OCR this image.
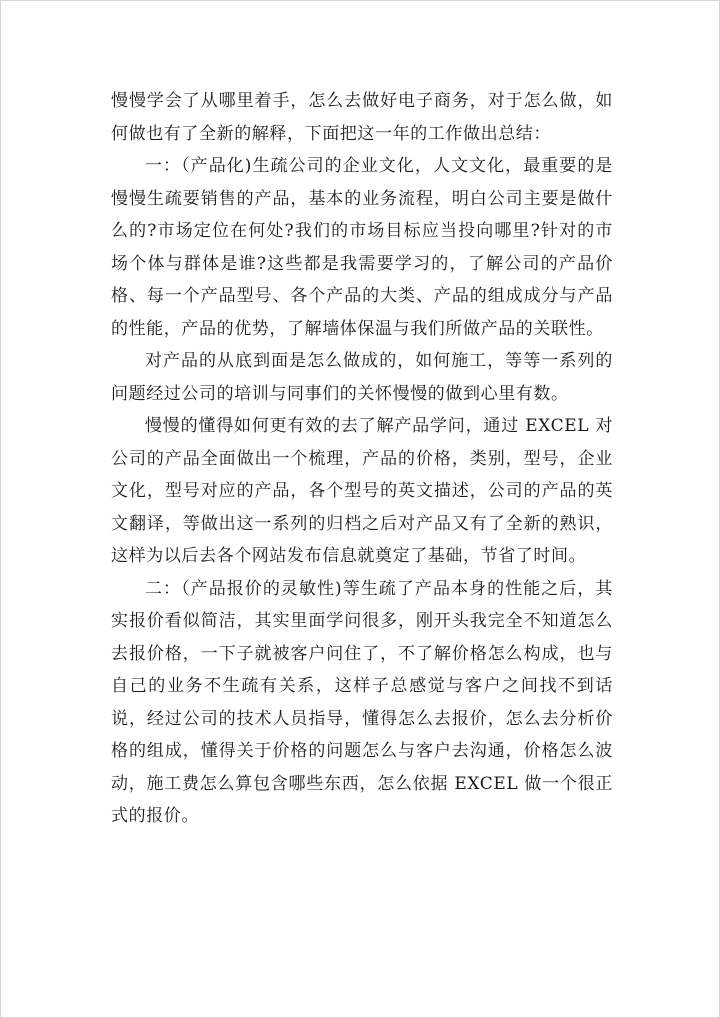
慢慢学会了从哪里着手，怎么去做好电子商务，对于怎么做，如何做也有了全新的解释，下面把这一年的工作做出总结：

一：（产品化)生疏公司的企业文化，人文文化，最重要的是慢慢生疏要销售的产品，基本的业务流程，明白公司主要是做什么的?市场定位在何处?我们的市场目标应当投向哪里?针对的市场个体与群体是谁?这些都是我需要学习的，了解公司的产品价格、每一个产品型号、各个产品的大类、产品的组成成分与产品的性能，产品的优势，了解墙体保温与我们所做产品的关联性。

对产品的从底到面是怎么做成的，如何施工，等等一系列的问题经过公司的培训与同事们的关怀慢慢的做到心里有数。

慢慢的懂得如何更有效的去了解产品学问，通过 EXCEL 对公司的产品全面做出一个梳理，产品的价格，类别，型号，企业文化，型号对应的产品，各个型号的英文描述，公司的产品的英文翻译，等做出这一系列的归档之后对产品又有了全新的熟识，这样为以后去各个网站发布信息就奠定了基础，节省了时间。

二：（产品报价的灵敏性)等生疏了产品本身的性能之后，其实报价看似简洁，其实里面学问很多，刚开头我完全不知道怎么去报价格，一下子就被客户问住了，不了解价格怎么构成，也与自己的业务不生疏有关系，这样子总感觉与客户之间找不到话说，经过公司的技术人员指导，懂得怎么去报价，怎么去分析价格的组成，懂得关于价格的问题怎么与客户去沟通，价格怎么波动，施工费怎么算包含哪些东西，怎么依据 EXCEL 做一个很正式的报价。
